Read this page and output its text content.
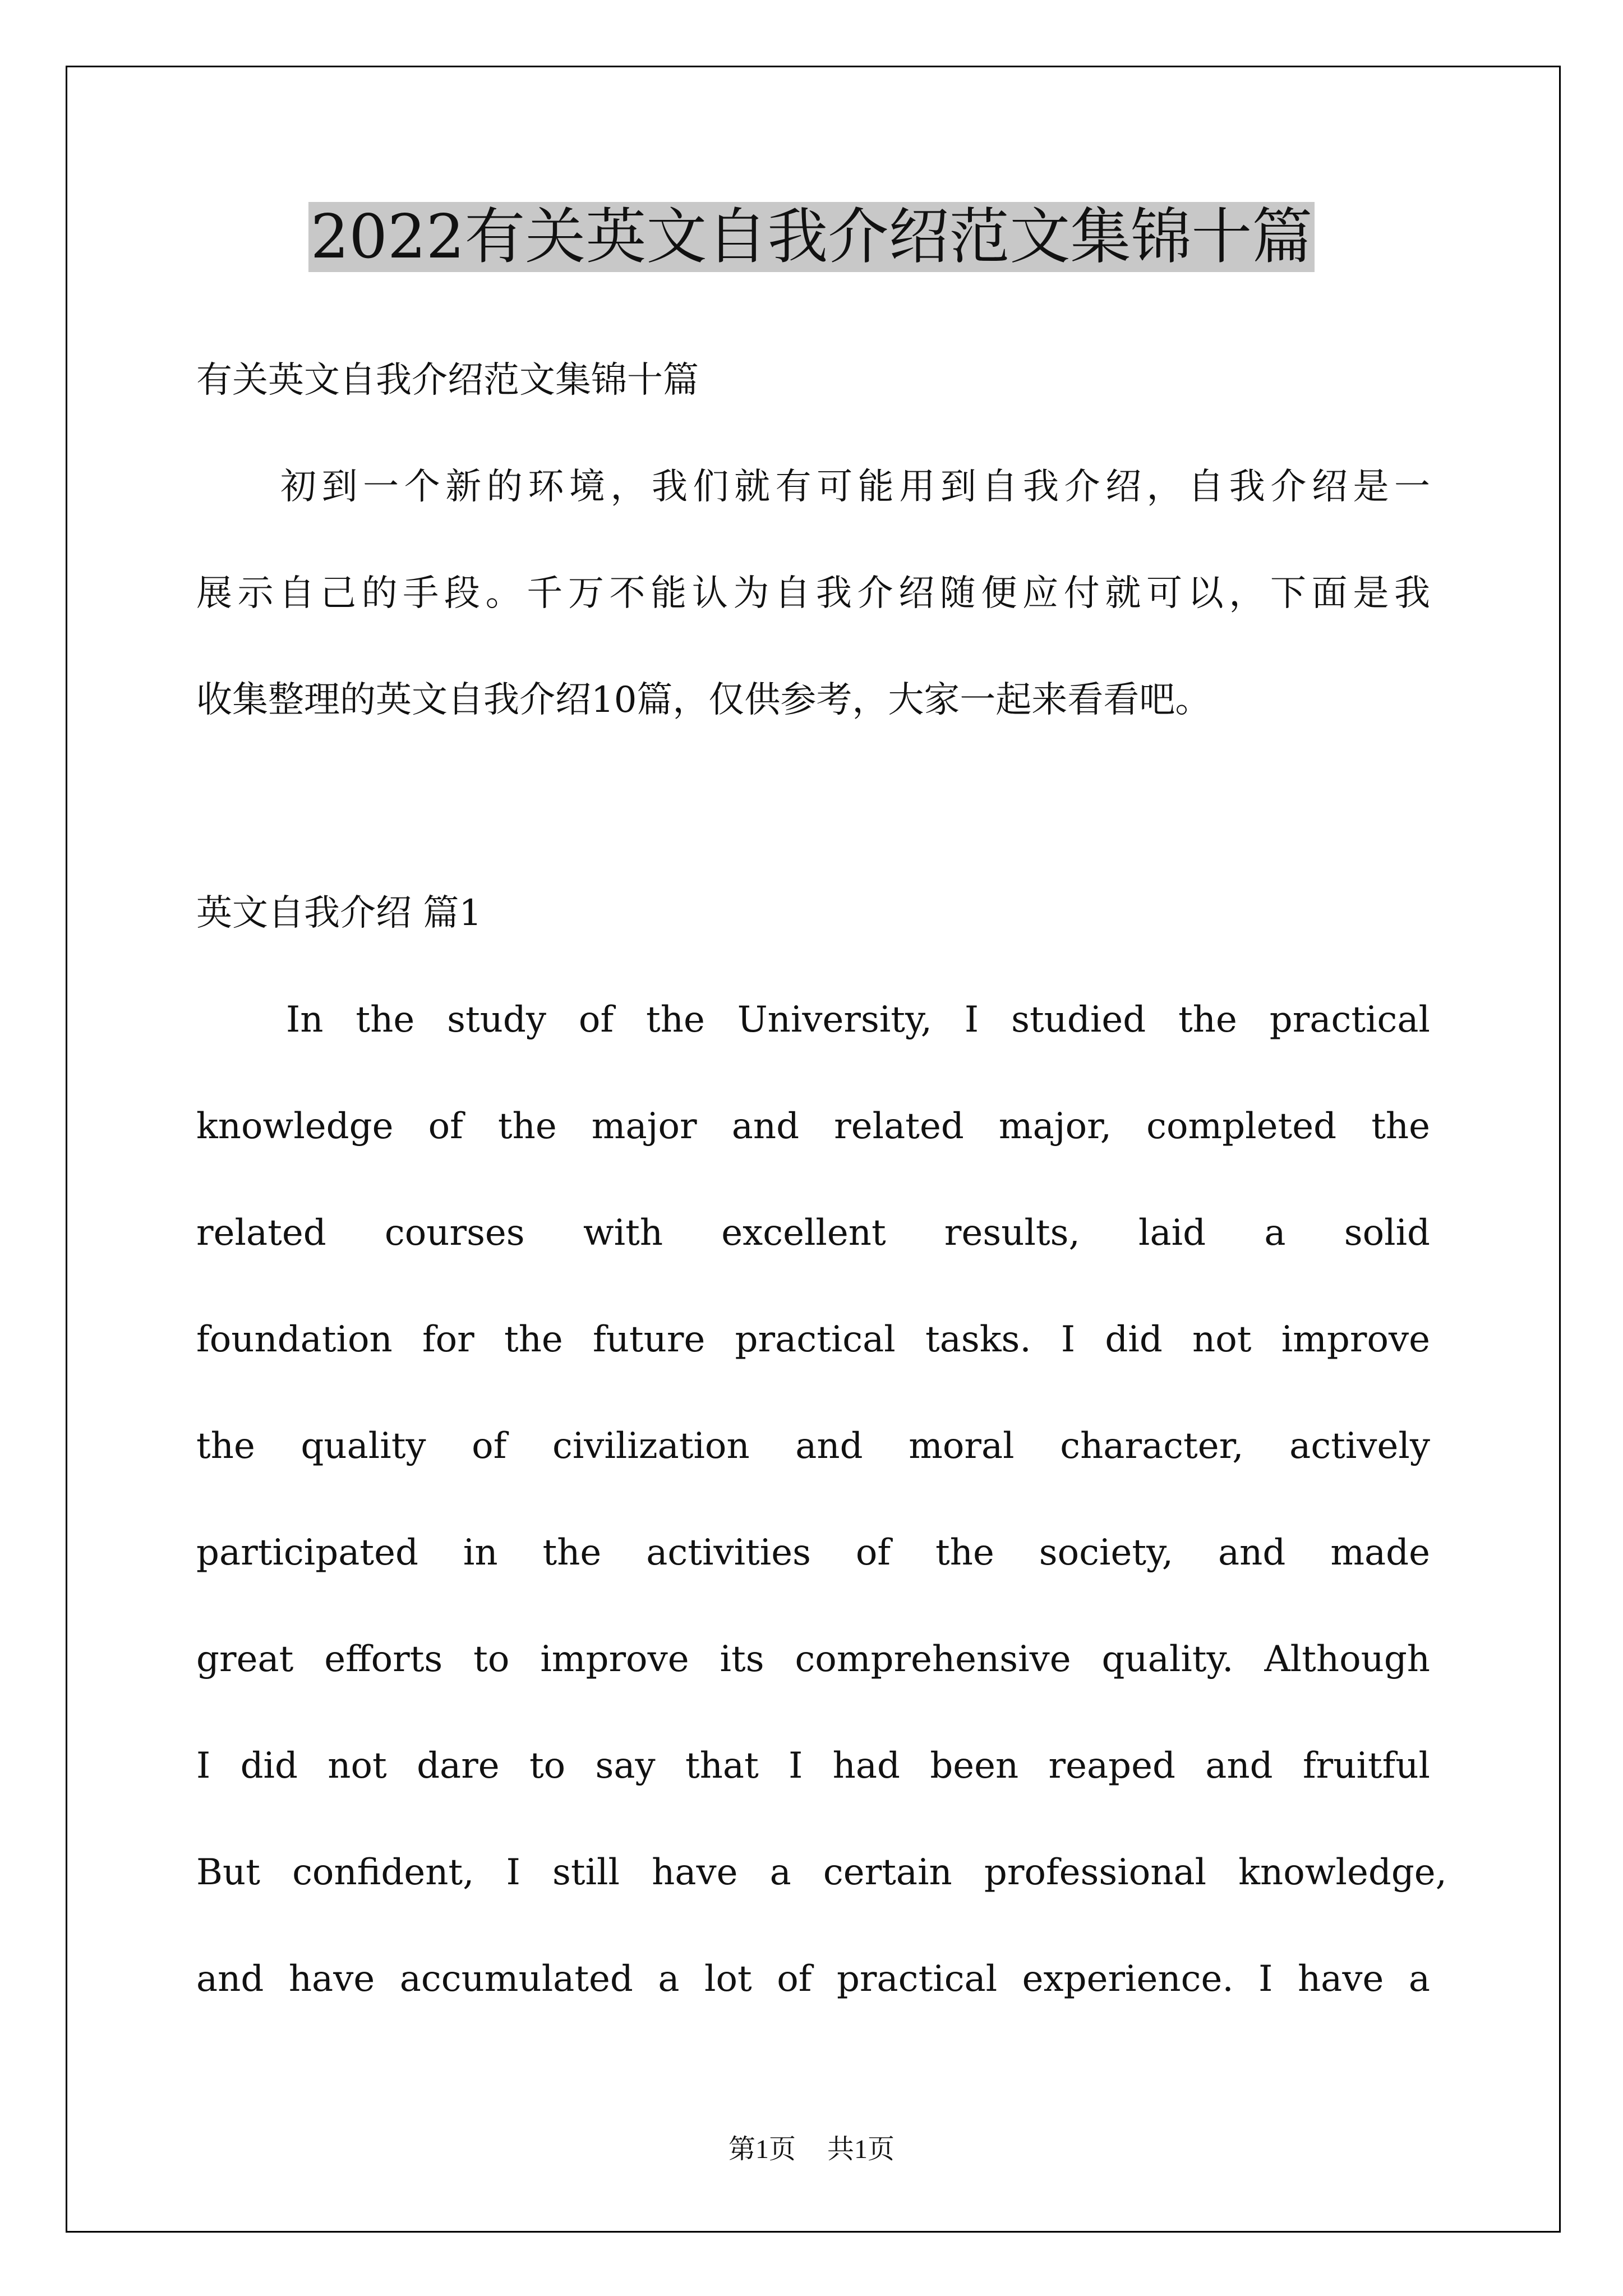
2022有关英文自我介绍范文集锦十篇

有关英文自我介绍范文集锦十篇

初到一个新的环境，我们就有可能用到自我介绍，自我介绍是一

展示自己的手段。千万不能认为自我介绍随便应付就可以，下面是我

收集整理的英文自我介绍10篇，仅供参考，大家一起来看看吧。

英文自我介绍 篇1

In the study of the University, I studied the practical

knowledge of the major and related major, completed the

related courses with excellent results, laid a solid

foundation for the future practical tasks. I did not improve

the quality of civilization and moral character, actively

participated in the activities of the society, and made

great efforts to improve its comprehensive quality. Although

I did not dare to say that I had been reaped and fruitful

But confident, I still have a certain professional knowledge,

and have accumulated a lot of practical experience. I have a

第1页 共1页
